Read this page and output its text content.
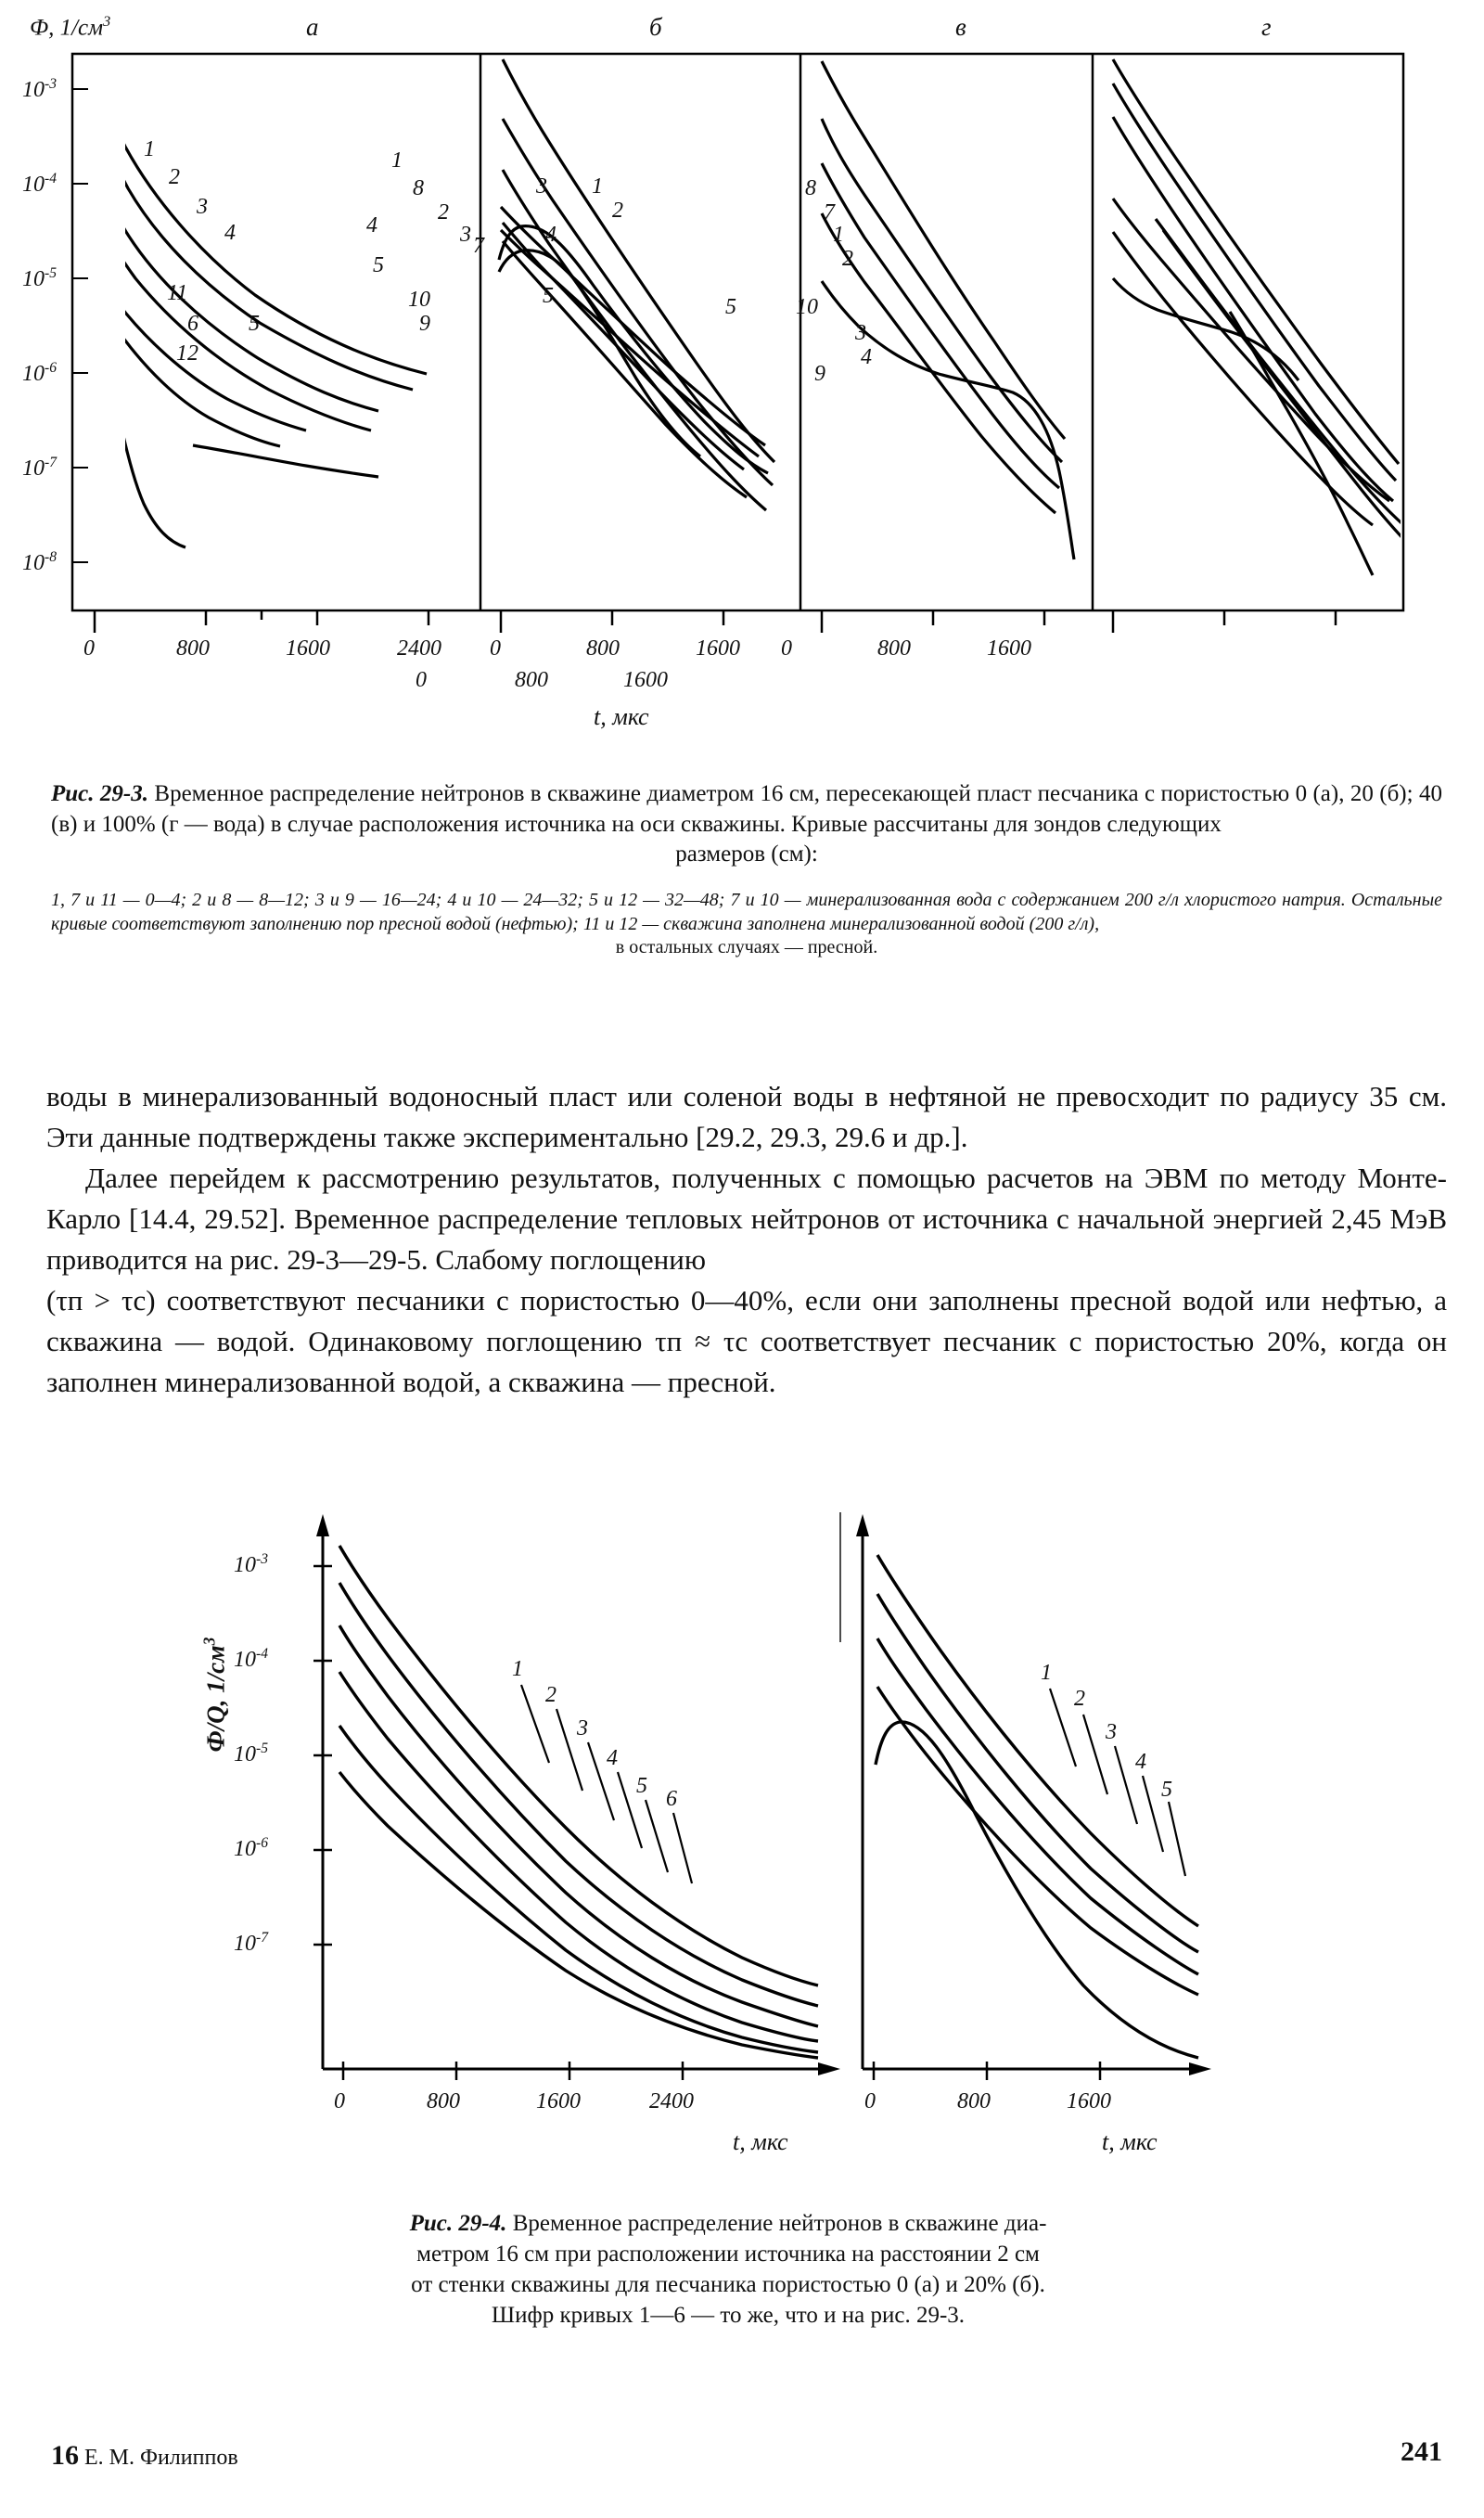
а	б	в	г
Ф, $1/см^3$
$10^{-3}$
$10^{-4}$
$10^{-5}$
$10^{-6}$
$10^{-7}$
$10^{-8}$
1
2
3
4
11
6 5
12
1
8
2
3 7
4
5
10
9
3 1
2
4
5
8
7
1
2
5	10
3
4
9
0	800	1600	2400
0	800	1600
0	800	1600 0	800	1600
t, мкс
Рис. 29-3. Временное распределение нейтронов в скважине диаметром 16 см, пересекающей пласт песчаника с пористостью 0 (а), 20 (б); 40 (в) и 100% (г — вода) в случае расположения источника на оси скважины. Кривые рассчитаны для зондов следующих
размеров (см):
1, 7 и 11 — 0—4; 2 и 8 — 8—12; 3 и 9 — 16—24; 4 и 10 — 24—32; 5 и 12 — 32—48; 7 и 10 — минерализованная вода с содержанием 200 г/л хлористого натрия. Остальные кривые соответствуют заполнению пор пресной водой (нефтью); 11 и 12 — скважина заполнена минерализованной водой (200 г/л),
в остальных случаях — пресной.

воды в минерализованный водоносный пласт или соленой воды в нефтяной не превосходит по радиусу 35 см. Эти данные подтверждены также экспериментально [29.2, 29.3, 29.6 и др.].

Далее перейдем к рассмотрению результатов, полученных с помощью расчетов на ЭВМ по методу Монте-Карло [14.4, 29.52]. Временное распределение тепловых нейтронов от источника с начальной энергией 2,45 МэВ приводится на рис. 29-3—29-5. Слабому поглощению

(τп > τс) соответствуют песчаники с пористостью 0—40%, если они заполнены пресной водой или нефтью, а скважина — водой. Одинаковому поглощению τп ≈ τс соответствует песчаник с пористостью 20%, когда он заполнен минерализованной водой, а скважина — пресной.

Ф/Q, $1/см^3$
$10^{-3}$
$10^{-4}$
$10^{-5}$
$10^{-6}$
$10^{-7}$
0	800	1600	2400
t, мкс
0	800	1600
t, мкс
1
2
3
4
5
6
1
2
3
4
5
Рис. 29-4. Временное распределение нейтронов в скважине диа-
метром 16 см при расположении источника на расстоянии 2 см
от стенки скважины для песчаника пористостью 0 (а) и 20% (б).
Шифр кривых 1—6 — то же, что и на рис. 29-3.
16 Е. М. Филиппов	241
